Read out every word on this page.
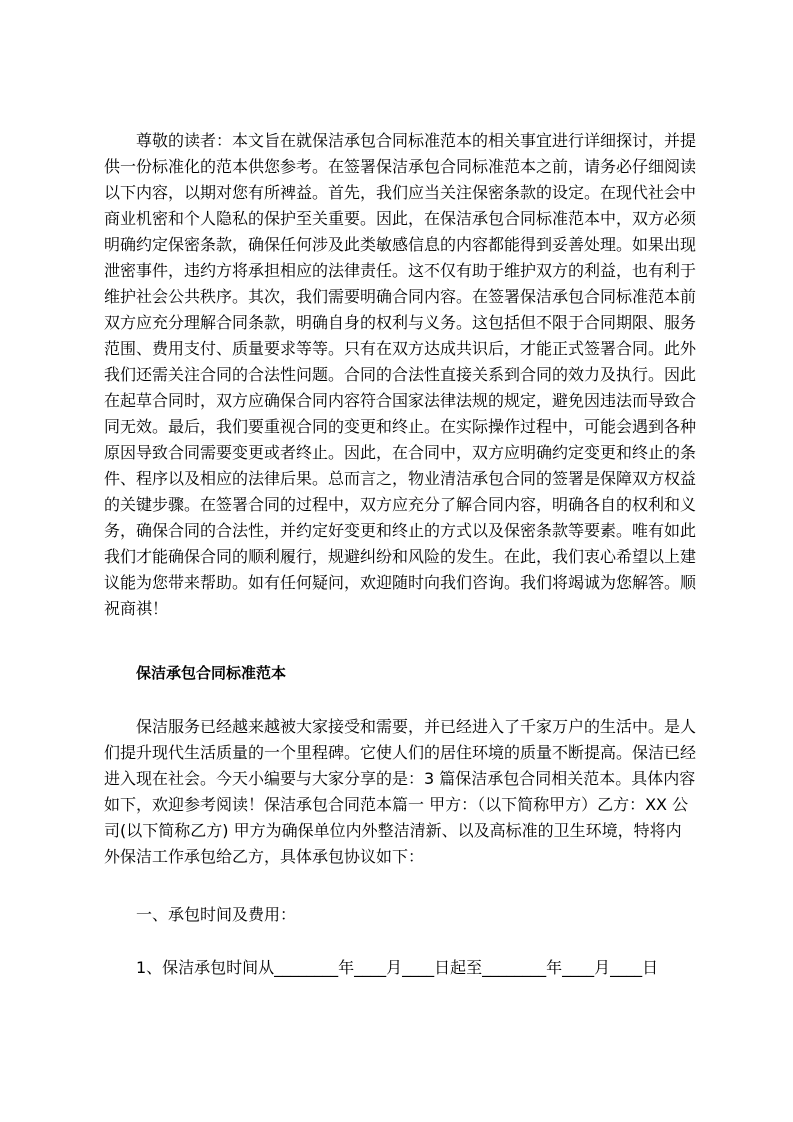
尊敬的读者：本文旨在就保洁承包合同标准范本的相关事宜进行详细探讨，并提

供一份标准化的范本供您参考。在签署保洁承包合同标准范本之前，请务必仔细阅读

以下内容，以期对您有所裨益。首先，我们应当关注保密条款的设定。在现代社会中

商业机密和个人隐私的保护至关重要。因此，在保洁承包合同标准范本中，双方必须

明确约定保密条款，确保任何涉及此类敏感信息的内容都能得到妥善处理。如果出现

泄密事件，违约方将承担相应的法律责任。这不仅有助于维护双方的利益，也有利于

维护社会公共秩序。其次，我们需要明确合同内容。在签署保洁承包合同标准范本前

双方应充分理解合同条款，明确自身的权利与义务。这包括但不限于合同期限、服务

范围、费用支付、质量要求等等。只有在双方达成共识后，才能正式签署合同。此外

我们还需关注合同的合法性问题。合同的合法性直接关系到合同的效力及执行。因此

在起草合同时，双方应确保合同内容符合国家法律法规的规定，避免因违法而导致合

同无效。最后，我们要重视合同的变更和终止。在实际操作过程中，可能会遇到各种

原因导致合同需要变更或者终止。因此，在合同中，双方应明确约定变更和终止的条

件、程序以及相应的法律后果。总而言之，物业清洁承包合同的签署是保障双方权益

的关键步骤。在签署合同的过程中，双方应充分了解合同内容，明确各自的权利和义

务，确保合同的合法性，并约定好变更和终止的方式以及保密条款等要素。唯有如此

我们才能确保合同的顺利履行，规避纠纷和风险的发生。在此，我们衷心希望以上建

议能为您带来帮助。如有任何疑问，欢迎随时向我们咨询。我们将竭诚为您解答。顺

祝商祺！

保洁承包合同标准范本

保洁服务已经越来越被大家接受和需要，并已经进入了千家万户的生活中。是人

们提升现代生活质量的一个里程碑。它使人们的居住环境的质量不断提高。保洁已经

进入现在社会。今天小编要与大家分享的是：3 篇保洁承包合同相关范本。具体内容

如下，欢迎参考阅读！保洁承包合同范本篇一 甲方：（以下简称甲方）乙方：XX 公

司(以下简称乙方) 甲方为确保单位内外整洁清新、以及高标准的卫生环境，特将内

外保洁工作承包给乙方，具体承包协议如下：

一、承包时间及费用：

1、保洁承包时间从________年____月____日起至________年____月____日
